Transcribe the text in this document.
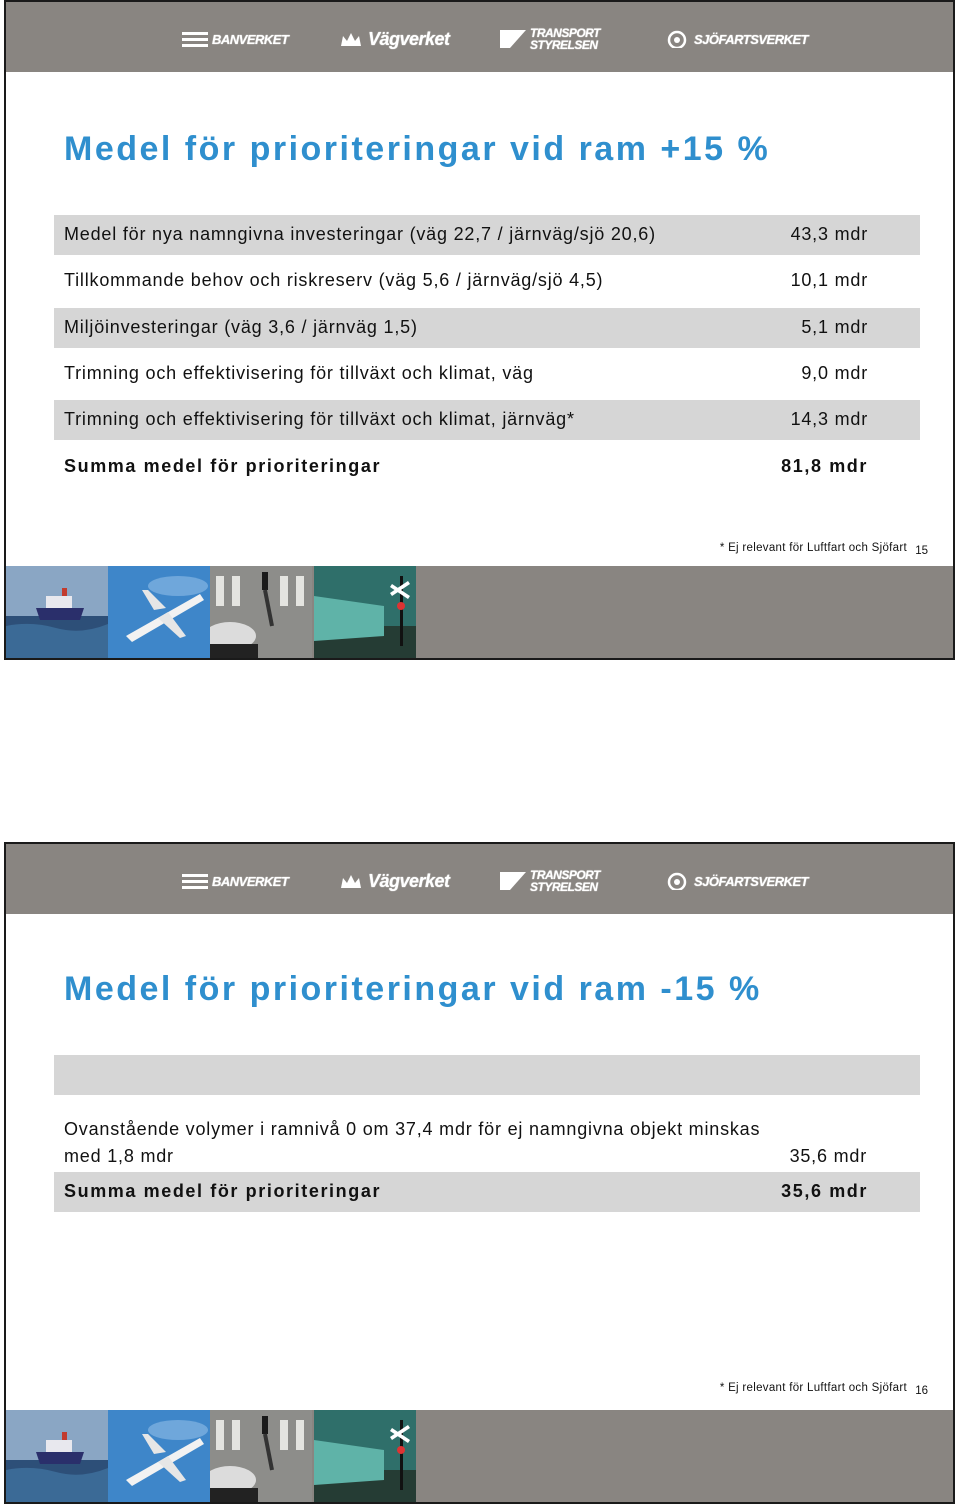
BANVERKET	Vägverket	TRANSPORT
STYRELSEN	SJÖFARTSVERKET
Medel för prioriteringar vid ram +15 %
Medel för nya namngivna investeringar (väg 22,7 / järnväg/sjö 20,6)	43,3 mdr
Tillkommande behov och riskreserv (väg 5,6 / järnväg/sjö 4,5)	10,1 mdr
Miljöinvesteringar (väg 3,6 / järnväg 1,5)	5,1 mdr
Trimning och effektivisering för tillväxt och klimat, väg	9,0 mdr
Trimning och effektivisering för tillväxt och klimat, järnväg*	14,3 mdr
Summa medel för prioriteringar	81,8 mdr
* Ej relevant för Luftfart och Sjöfart 15
BANVERKET	Vägverket	TRANSPORT
STYRELSEN	SJÖFARTSVERKET
Medel för prioriteringar vid ram -15 %
Ovanstående volymer i ramnivå 0 om 37,4 mdr för ej namngivna objekt minskas
med 1,8 mdr	35,6 mdr
Summa medel för prioriteringar	35,6 mdr
* Ej relevant för Luftfart och Sjöfart 16
